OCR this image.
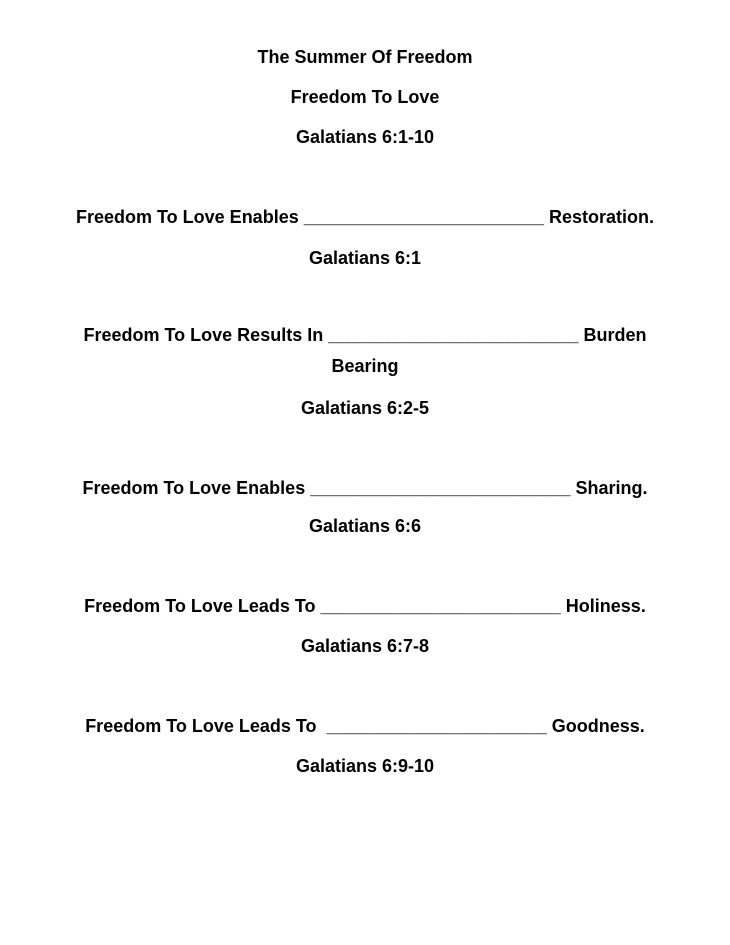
The Summer Of Freedom
Freedom To Love
Galatians 6:1-10
Freedom To Love Enables ________________________ Restoration.
Galatians 6:1
Freedom To Love Results In _________________________ Burden Bearing
Galatians 6:2-5
Freedom To Love Enables __________________________ Sharing.
Galatians 6:6
Freedom To Love Leads To ________________________ Holiness.
Galatians 6:7-8
Freedom To Love Leads To  ______________________ Goodness.
Galatians 6:9-10
